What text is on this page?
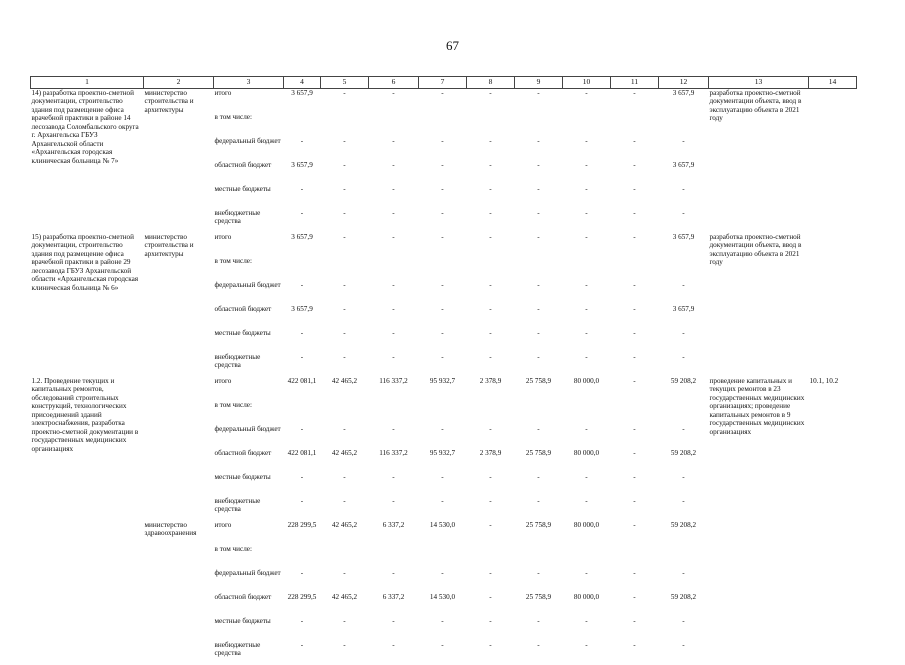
67
1	2	3	4	5	6	7	8	9	10	11	12	13	14
14) разработка проектно-сметной документации, строительство здания под размещение офиса врачебной практики в районе 14 лесозавода Соломбальского округа г. Архангельска ГБУЗ Архангельской области «Архангельская городская клиническая больница № 7»	министерство строительства и архитектуры	итого	3 657,9	-	-	-	-	-	-	-	3 657,9	разработка проектно-сметной документации объекта, ввод в эксплуатацию объекта в 2021 году	
		в том числе:											
		федеральный бюджет	-	-	-	-	-	-	-	-	-		
		областной бюджет	3 657,9	-	-	-	-	-	-	-	3 657,9		
		местные бюджеты	-	-	-	-	-	-	-	-	-		
		внебюджетные средства	-	-	-	-	-	-	-	-	-		
15) разработка проектно-сметной документации, строительство здания под размещение офиса врачебной практики в районе 29 лесозавода ГБУЗ Архангельской области «Архангельская городская клиническая больница № 6»	министерство строительства и архитектуры	итого	3 657,9	-	-	-	-	-	-	-	3 657,9	разработка проектно-сметной документации объекта, ввод в эксплуатацию объекта в 2021 году	
		в том числе:											
		федеральный бюджет	-	-	-	-	-	-	-	-	-		
		областной бюджет	3 657,9	-	-	-	-	-	-	-	3 657,9		
		местные бюджеты	-	-	-	-	-	-	-	-	-		
		внебюджетные средства	-	-	-	-	-	-	-	-	-		
1.2. Проведение текущих и капитальных ремонтов, обследований строительных конструкций, технологических присоединений зданий электроснабжения, разработка проектно-сметной документации в государственных медицинских организациях		итого	422 081,1	42 465,2	116 337,2	95 932,7	2 378,9	25 758,9	80 000,0	-	59 208,2	проведение капитальных и текущих ремонтов в 23 государственных медицинских организациях; проведение капитальных ремонтов в 9 государственных медицинских организациях	10.1, 10.2
		в том числе:											
		федеральный бюджет	-	-	-	-	-	-	-	-	-		
		областной бюджет	422 081,1	42 465,2	116 337,2	95 932,7	2 378,9	25 758,9	80 000,0	-	59 208,2		
		местные бюджеты	-	-	-	-	-	-	-	-	-		
		внебюджетные средства	-	-	-	-	-	-	-	-	-		
	министерство здравоохранения	итого	228 299,5	42 465,2	6 337,2	14 530,0	-	25 758,9	80 000,0	-	59 208,2		
		в том числе:											
		федеральный бюджет	-	-	-	-	-	-	-	-	-		
		областной бюджет	228 299,5	42 465,2	6 337,2	14 530,0	-	25 758,9	80 000,0	-	59 208,2		
		местные бюджеты	-	-	-	-	-	-	-	-	-		
		внебюджетные средства	-	-	-	-	-	-	-	-	-		
